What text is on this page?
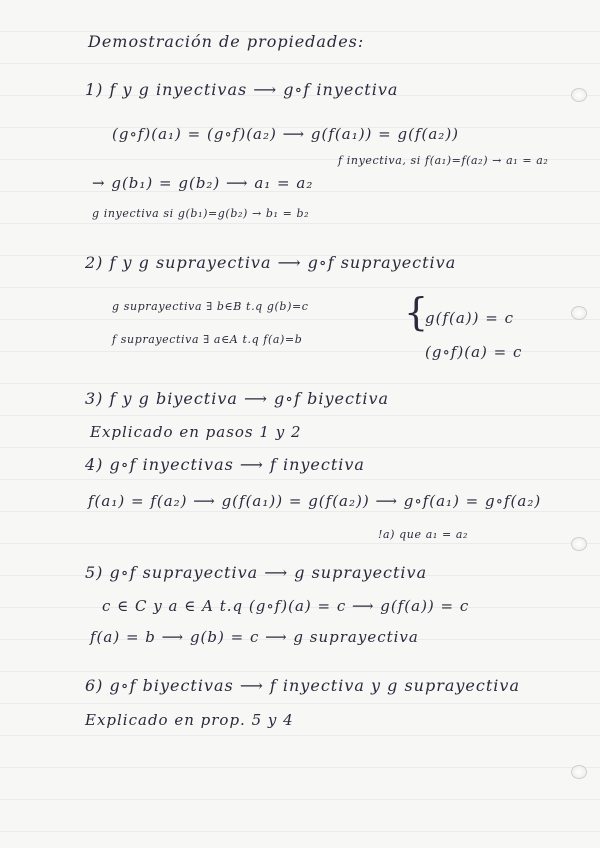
Demostración de propiedades:
1) f y g inyectivas ⟶ g∘f inyectiva
(g∘f)(a₁) = (g∘f)(a₂) ⟶ g(f(a₁)) = g(f(a₂))
f inyectiva, si f(a₁)=f(a₂) → a₁ = a₂
→ g(b₁) = g(b₂) ⟶ a₁ = a₂
g inyectiva si g(b₁)=g(b₂) → b₁ = b₂
2) f y g suprayectiva ⟶ g∘f suprayectiva
g suprayectiva ∃ b∈B t.q g(b)=c
f suprayectiva ∃ a∈A t.q f(a)=b
{
g(f(a)) = c
(g∘f)(a) = c
3) f y g biyectiva ⟶ g∘f biyectiva
Explicado en pasos 1 y 2
4) g∘f inyectivas ⟶ f inyectiva
f(a₁) = f(a₂) ⟶ g(f(a₁)) = g(f(a₂)) ⟶ g∘f(a₁) = g∘f(a₂)
!a) que a₁ = a₂
5) g∘f suprayectiva ⟶ g suprayectiva
c ∈ C y a ∈ A t.q (g∘f)(a) = c ⟶ g(f(a)) = c
f(a) = b ⟶ g(b) = c ⟶ g suprayectiva
6) g∘f biyectivas ⟶ f inyectiva y g suprayectiva
Explicado en prop. 5 y 4
